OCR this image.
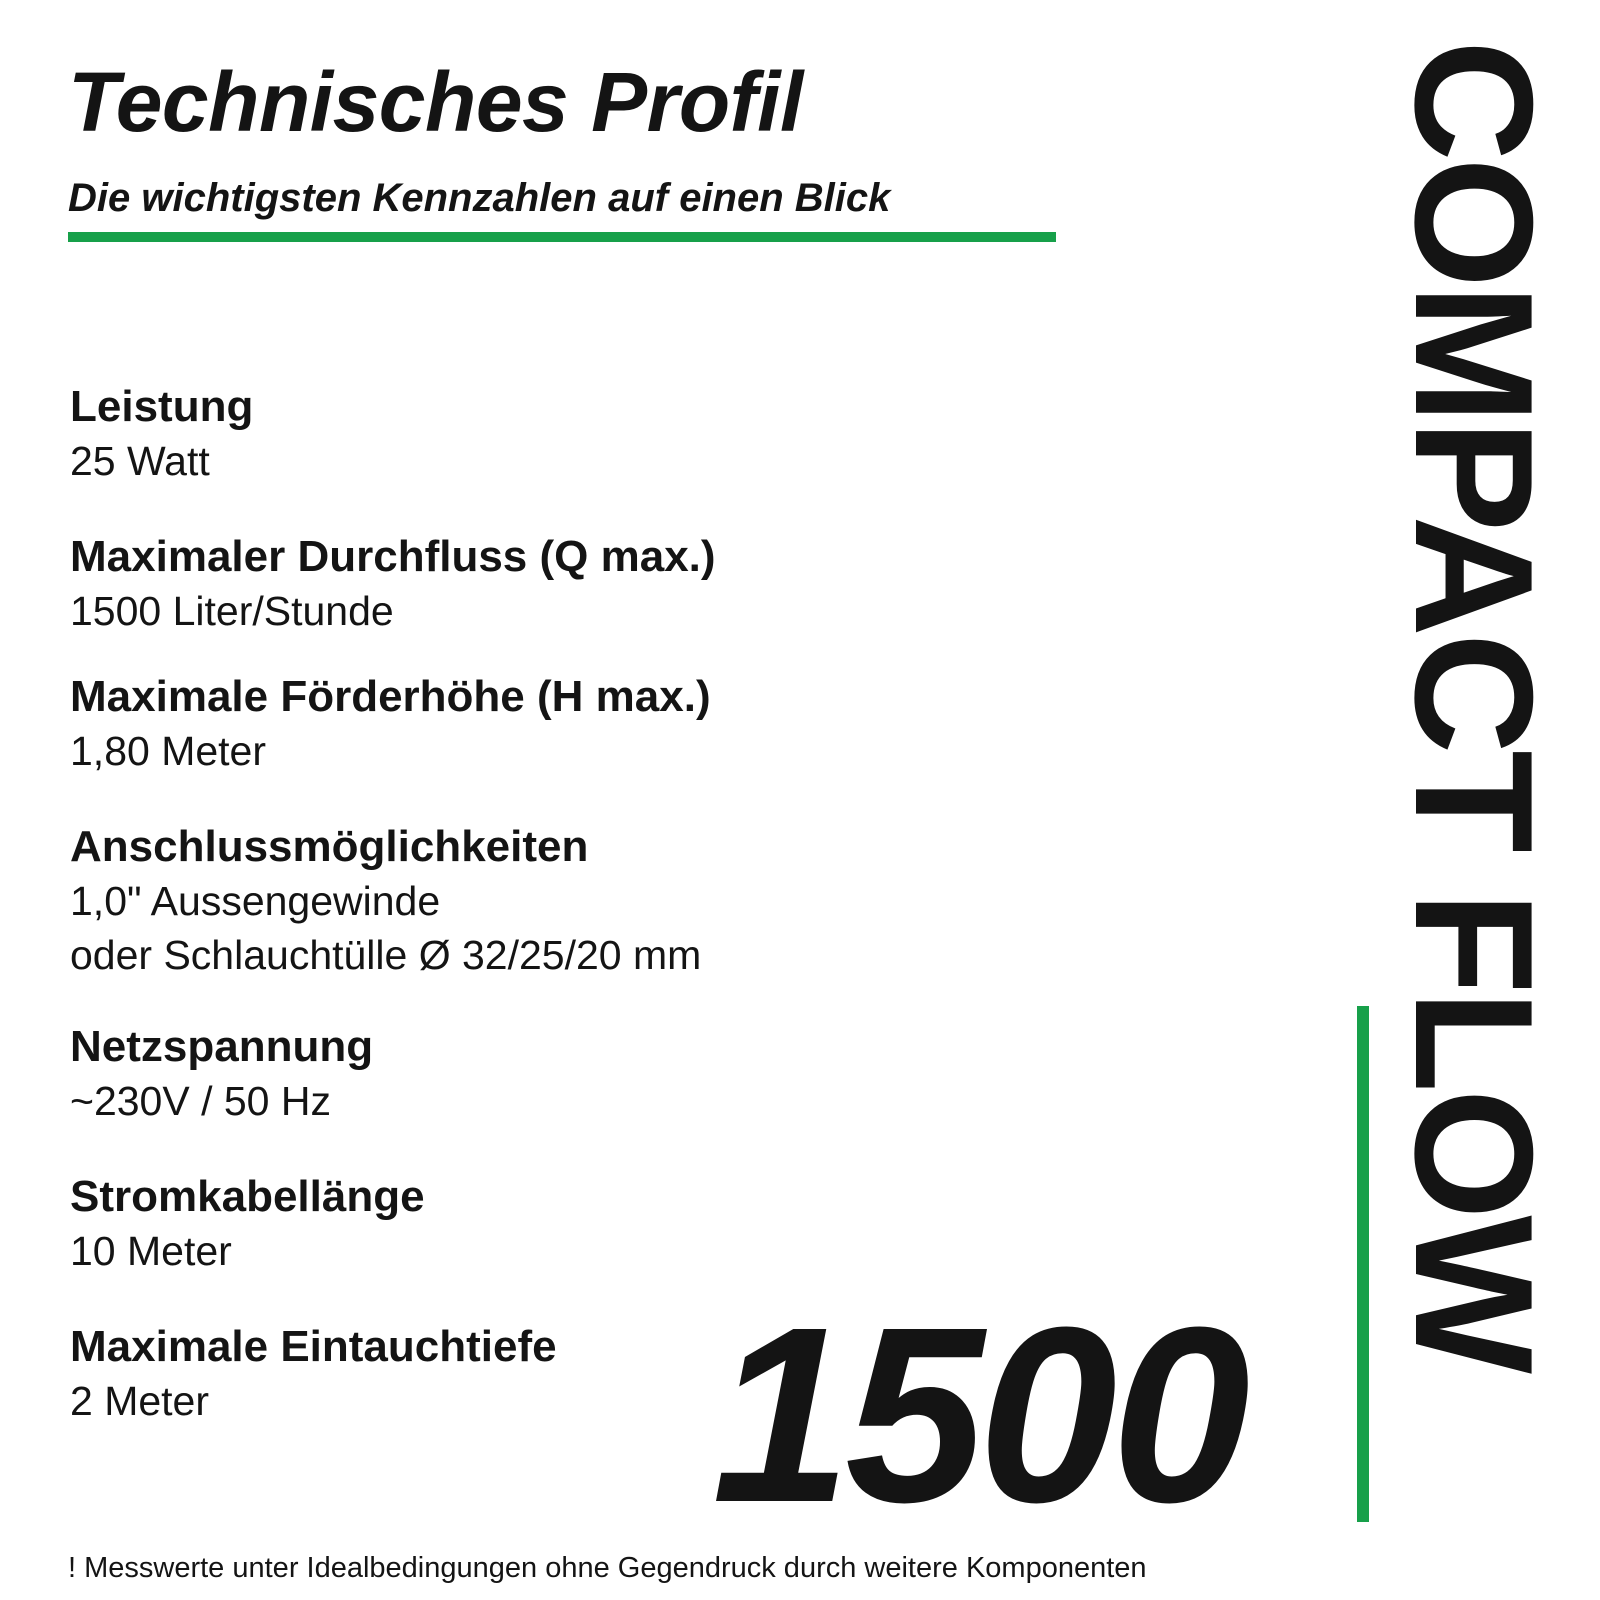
Technisches Profil
Die wichtigsten Kennzahlen auf einen Blick
Leistung
25 Watt
Maximaler Durchfluss (Q max.)
1500 Liter/Stunde
Maximale Förderhöhe (H max.)
1,80 Meter
Anschlussmöglichkeiten
1,0" Aussengewinde
oder Schlauchtülle Ø 32/25/20 mm
Netzspannung
~230V / 50 Hz
Stromkabellänge
10 Meter
Maximale Eintauchtiefe
2 Meter	1500
COMPACT FLOW
! Messwerte unter Idealbedingungen ohne Gegendruck durch weitere Komponenten
